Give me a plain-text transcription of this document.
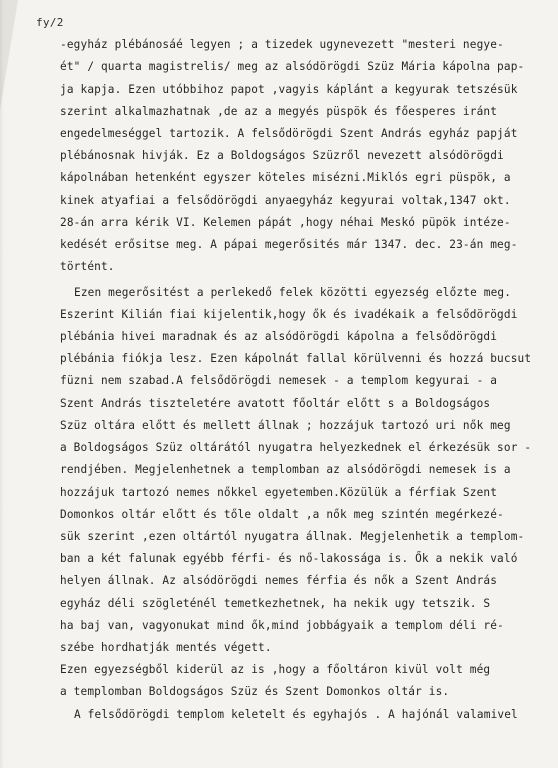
fy/2
-egyház plébánosáé legyen ; a tizedek ugynevezett "mesteri negye-
ét" / quarta magistrelis/ meg az alsódörögdi Szüz Mária kápolna pap-
ja kapja. Ezen utóbbihoz papot ,vagyis káplánt a kegyurak tetszésük
szerint alkalmazhatnak ,de az a megyés püspök és főesperes iránt
engedelmeséggel tartozik. A felsődörögdi Szent András egyház papját
plébánosnak hivják. Ez a Boldogságos Szüzről nevezett alsódörögdi
kápolnában hetenként egyszer köteles misézni.Miklós egri püspök, a
kinek atyafiai a felsődörögdi anyaegyház kegyurai voltak,1347 okt.
28-án arra kérik VI. Kelemen pápát ,hogy néhai Meskó püpök intéze-
kedését erősitse meg. A pápai megerősités már 1347. dec. 23-án meg-
történt.
Ezen megerősitést a perlekedő felek közötti egyezség előzte meg.
Eszerint Kilián fiai kijelentik,hogy ők és ivadékaik a felsődörögdi
plébánia hivei maradnak és az alsódörögdi kápolna a felsődörögdi
plébánia fiókja lesz. Ezen kápolnát fallal körülvenni és hozzá bucsut
füzni nem szabad.A felsődörögdi nemesek - a templom kegyurai - a
Szent András tiszteletére avatott főoltár előtt s a Boldogságos
Szüz oltára előtt és mellett állnak ; hozzájuk tartozó uri nők meg
a Boldogságos Szüz oltárától nyugatra helyezkednek el érkezésük sor -
rendjében. Megjelenhetnek a templomban az alsódörögdi nemesek is a
hozzájuk tartozó nemes nőkkel egyetemben.Közülük a férfiak Szent
Domonkos oltár előtt és tőle oldalt ,a nők meg szintén megérkezé-
sük szerint ,ezen oltártól nyugatra állnak. Megjelenhetik a templom-
ban a két falunak egyébb férfi- és nő-lakossága is. Ők a nekik való
helyen állnak. Az alsódörögdi nemes férfia és nők a Szent András
egyház déli szögleténél temetkezhetnek, ha nekik ugy tetszik. S
ha baj van, vagyonukat mind ők,mind jobbágyaik a templom déli ré-
szébe hordhatják mentés végett.
Ezen egyezségből kiderül az is ,hogy a főoltáron kivül volt még
a templomban Boldogságos Szüz és Szent Domonkos oltár is.
A felsődörögdi templom keletelt és egyhajós . A hajónál valamivel
